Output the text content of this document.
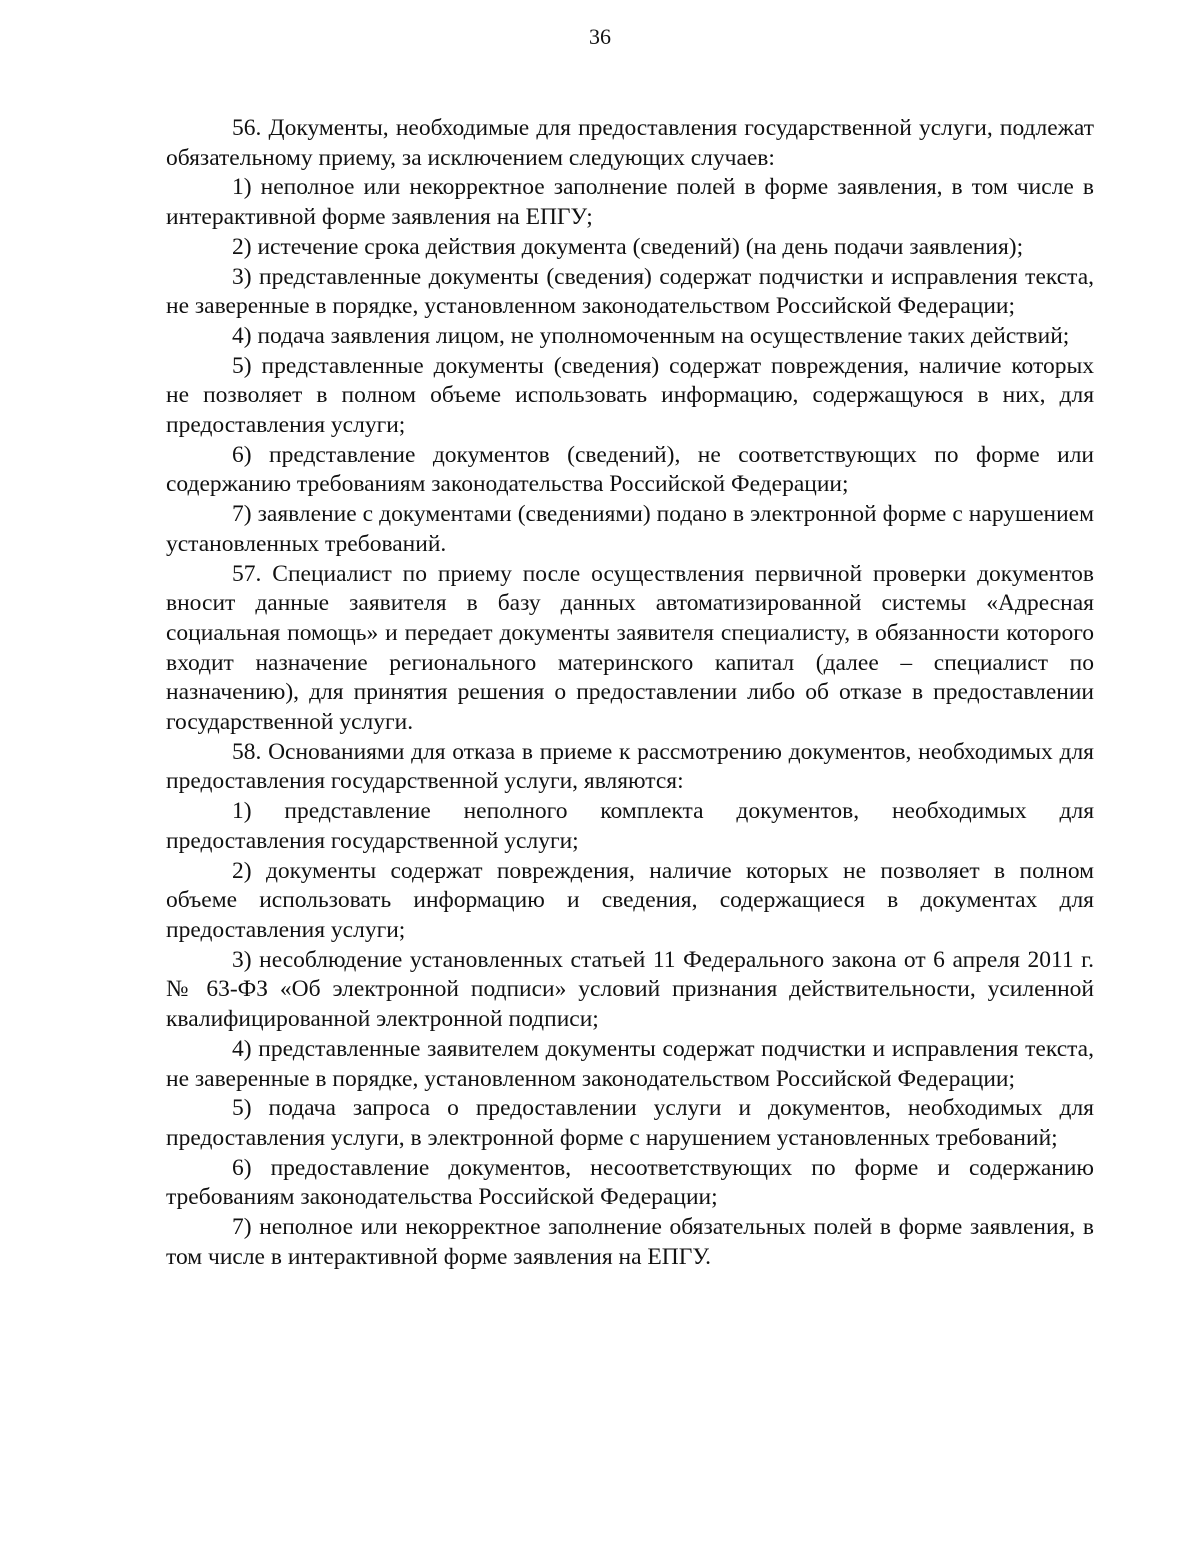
36

56. Документы, необходимые для предоставления государственной услуги, подлежат обязательному приему, за исключением следующих случаев:

1) неполное или некорректное заполнение полей в форме заявления, в том числе в интерактивной форме заявления на ЕПГУ;

2) истечение срока действия документа (сведений) (на день подачи заявления);

3) представленные документы (сведения) содержат подчистки и исправления текста, не заверенные в порядке, установленном законодательством Российской Федерации;

4) подача заявления лицом, не уполномоченным на осуществление таких действий;

5) представленные документы (сведения) содержат повреждения, наличие которых не позволяет в полном объеме использовать информацию, содержащуюся в них, для предоставления услуги;

6) представление документов (сведений), не соответствующих по форме или содержанию требованиям законодательства Российской Федерации;

7) заявление с документами (сведениями) подано в электронной форме с нарушением установленных требований.

57. Специалист по приему после осуществления первичной проверки документов вносит данные заявителя в базу данных автоматизированной системы «Адресная социальная помощь» и передает документы заявителя специалисту, в обязанности которого входит назначение регионального материнского капитал (далее – специалист по назначению), для принятия решения о предоставлении либо об отказе в предоставлении государственной услуги.

58. Основаниями для отказа в приеме к рассмотрению документов, необходимых для предоставления государственной услуги, являются:

1) представление неполного комплекта документов, необходимых для предоставления государственной услуги;

2) документы содержат повреждения, наличие которых не позволяет в полном объеме использовать информацию и сведения, содержащиеся в документах для предоставления услуги;

3) несоблюдение установленных статьей 11 Федерального закона от 6 апреля 2011 г. № 63-ФЗ «Об электронной подписи» условий признания действительности, усиленной квалифицированной электронной подписи;

4) представленные заявителем документы содержат подчистки и исправления текста, не заверенные в порядке, установленном законодательством Российской Федерации;

5) подача запроса о предоставлении услуги и документов, необходимых для предоставления услуги, в электронной форме с нарушением установленных требований;

6) предоставление документов, несоответствующих по форме и содержанию требованиям законодательства Российской Федерации;

7) неполное или некорректное заполнение обязательных полей в форме заявления, в том числе в интерактивной форме заявления на ЕПГУ.
